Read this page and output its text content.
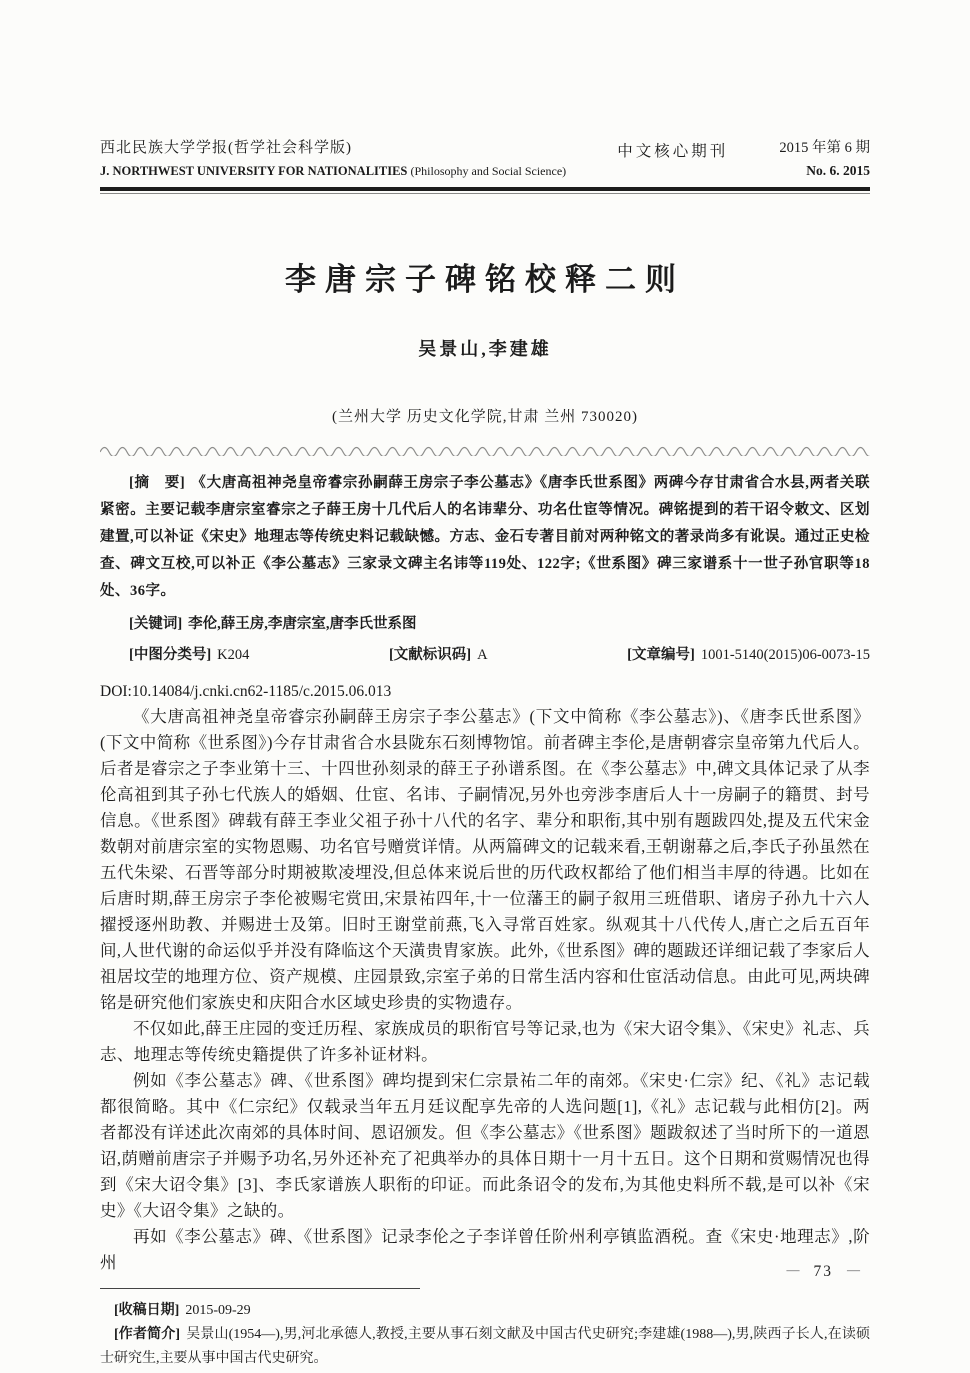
西北民族大学学报(哲学社会科学版)
J. NORTHWEST UNIVERSITY FOR NATIONALITIES (Philosophy and Social Science)
中文核心期刊	2015 年第 6 期
No. 6. 2015
李唐宗子碑铭校释二则
吴景山,李建雄
(兰州大学 历史文化学院,甘肃 兰州 730020)

[摘　要] 《大唐高祖神尧皇帝睿宗孙嗣薛王房宗子李公墓志》《唐李氏世系图》两碑今存甘肃省合水县,两者关联紧密。主要记载李唐宗室睿宗之子薛王房十几代后人的名讳辈分、功名仕宦等情况。碑铭提到的若干诏令敕文、区划建置,可以补证《宋史》地理志等传统史料记载缺憾。方志、金石专著目前对两种铭文的著录尚多有讹误。通过正史检查、碑文互校,可以补正《李公墓志》三家录文碑主名讳等119处、122字;《世系图》碑三家谱系十一世子孙官职等18处、36字。

[关键词] 李伦,薛王房,李唐宗室,唐李氏世系图

[中图分类号] K204	[文献标识码] A	[文章编号] 1001-5140(2015)06-0073-15
DOI:10.14084/j.cnki.cn62-1185/c.2015.06.013

《大唐高祖神尧皇帝睿宗孙嗣薛王房宗子李公墓志》(下文中简称《李公墓志》)、《唐李氏世系图》(下文中简称《世系图》)今存甘肃省合水县陇东石刻博物馆。前者碑主李伦,是唐朝睿宗皇帝第九代后人。后者是睿宗之子李业第十三、十四世孙刻录的薛王子孙谱系图。在《李公墓志》中,碑文具体记录了从李伦高祖到其子孙七代族人的婚姻、仕宦、名讳、子嗣情况,另外也旁涉李唐后人十一房嗣子的籍贯、封号信息。《世系图》碑载有薛王李业父祖子孙十八代的名字、辈分和职衔,其中别有题跋四处,提及五代宋金数朝对前唐宗室的实物恩赐、功名官号赠赏详情。从两篇碑文的记载来看,王朝谢幕之后,李氏子孙虽然在五代朱梁、石晋等部分时期被欺凌埋没,但总体来说后世的历代政权都给了他们相当丰厚的待遇。比如在后唐时期,薛王房宗子李伦被赐宅赏田,宋景祐四年,十一位藩王的嗣子叙用三班借职、诸房子孙九十六人擢授逐州助教、并赐进士及第。旧时王谢堂前燕,飞入寻常百姓家。纵观其十八代传人,唐亡之后五百年间,人世代谢的命运似乎并没有降临这个天潢贵胄家族。此外,《世系图》碑的题跋还详细记载了李家后人祖居坟茔的地理方位、资产规模、庄园景致,宗室子弟的日常生活内容和仕宦活动信息。由此可见,两块碑铭是研究他们家族史和庆阳合水区域史珍贵的实物遗存。

不仅如此,薛王庄园的变迁历程、家族成员的职衔官号等记录,也为《宋大诏令集》、《宋史》礼志、兵志、地理志等传统史籍提供了许多补证材料。

例如《李公墓志》碑、《世系图》碑均提到宋仁宗景祐二年的南郊。《宋史·仁宗》纪、《礼》志记载都很简略。其中《仁宗纪》仅载录当年五月廷议配享先帝的人选问题[1],《礼》志记载与此相仿[2]。两者都没有详述此次南郊的具体时间、恩诏颁发。但《李公墓志》《世系图》题跋叙述了当时所下的一道恩诏,荫赠前唐宗子并赐予功名,另外还补充了祀典举办的具体日期十一月十五日。这个日期和赏赐情况也得到《宋大诏令集》[3]、李氏家谱族人职衔的印证。而此条诏令的发布,为其他史料所不载,是可以补《宋史》《大诏令集》之缺的。

再如《李公墓志》碑、《世系图》记录李伦之子李详曾任阶州利亭镇监酒税。查《宋史·地理志》,阶州

[收稿日期] 2015-09-29
[作者简介] 吴景山(1954—),男,河北承德人,教授,主要从事石刻文献及中国古代史研究;李建雄(1988—),男,陕西子长人,在读硕士研究生,主要从事中国古代史研究。
— 73 —
